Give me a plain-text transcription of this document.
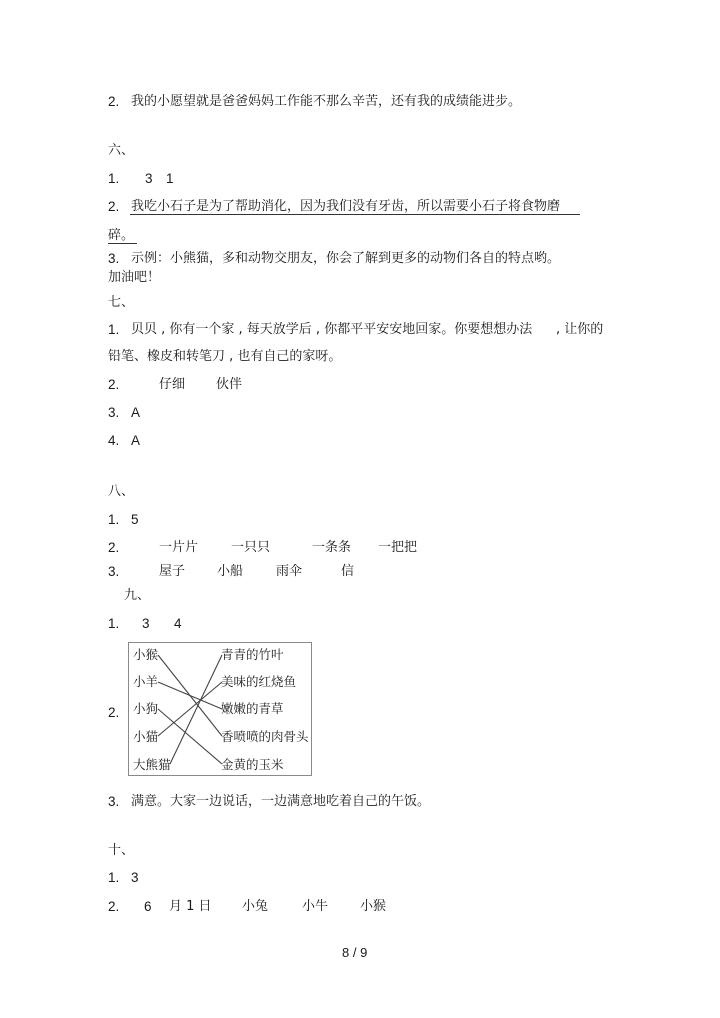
2. 我的小愿望就是爸爸妈妈工作能不那么辛苦，还有我的成绩能进步。
六、
1. 3 1
2. 我吃小石子是为了帮助消化，因为我们没有牙齿，所以需要小石子将食物磨
碎。
3. 示例：小熊猫，多和动物交朋友，你会了解到更多的动物们各自的特点哟。
加油吧！
七、
1. 贝贝 , 你有一个家 , 每天放学后 , 你都平平安安地回家。你要想想办法 , 让你的
铅笔、橡皮和转笔刀 , 也有自己的家呀。
2.	仔细 伙伴
3. A
4. A
八、
1. 5
2.	一片片	一只只	一条条 一把把
3.	屋子 小船	雨伞	信
九、
1. 3 4
2.
小猴
小羊
小狗
小猫
大熊猫
青青的竹叶
美味的红烧鱼
嫩嫩的青草
香喷喷的肉骨头
金黄的玉米
3. 满意。大家一边说话，一边满意地吃着自己的午饭。
十、
1. 3
2. 6 月 1 日 小兔	小牛 小猴
8 / 9
